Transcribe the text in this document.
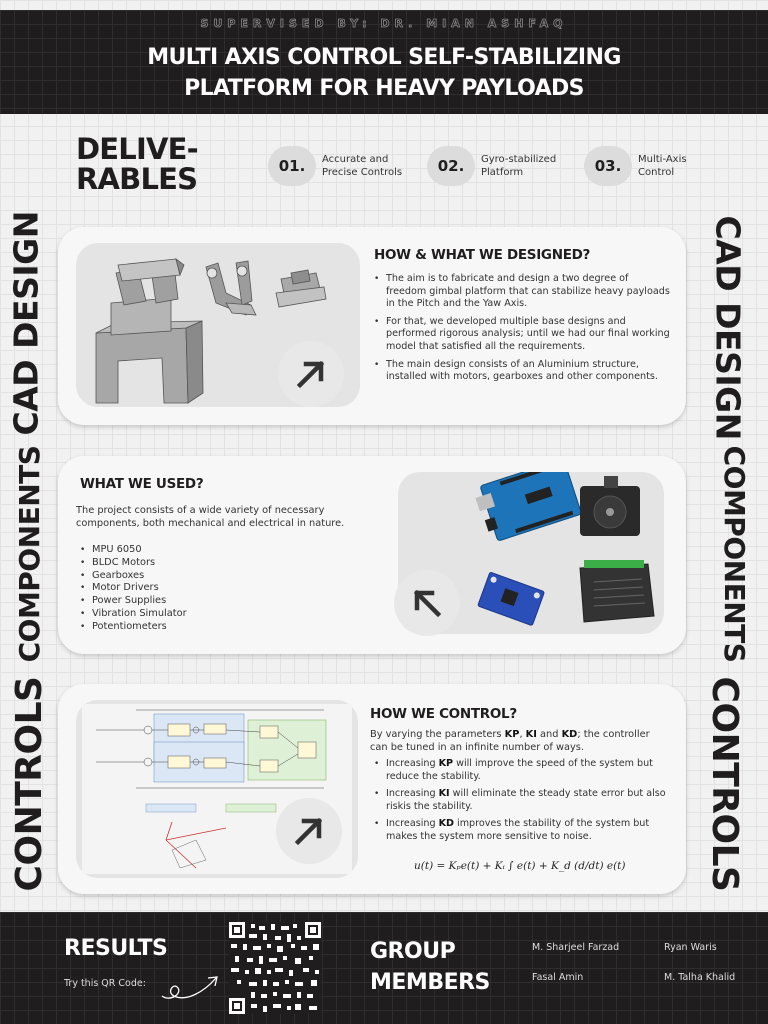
SUPERVISED BY: DR. MIAN ASHFAQ
MULTI AXIS CONTROL SELF-STABILIZING
PLATFORM FOR HEAVY PAYLOADS
DELIVE-
RABLES	01.	Accurate and
Precise Controls	02.	Gyro-stabilized
Platform	03.	Multi-Axis
Control
CAD DESIGN	CAD DESIGN
COMPONENTS	COMPONENTS
CONTROLS	CONTROLS
HOW & WHAT WE DESIGNED?
• The aim is to fabricate and design a two degree of freedom gimbal platform that can stabilize heavy payloads in the Pitch and the Yaw Axis.
• For that, we developed multiple base designs and performed rigorous analysis; until we had our final working model that satisfied all the requirements.
• The main design consists of an Aluminium structure, installed with motors, gearboxes and other components.
WHAT WE USED?
The project consists of a wide variety of necessary components, both mechanical and electrical in nature.
• MPU 6050
• BLDC Motors
• Gearboxes
• Motor Drivers
• Power Supplies
• Vibration Simulator
• Potentiometers
HOW WE CONTROL?
By varying the parameters KP, KI and KD; the controller can be tuned in an infinite number of ways.
• Increasing KP will improve the speed of the system but reduce the stability.
• Increasing KI will eliminate the steady state error but also riskis the stability.
• Increasing KD improves the stability of the system but makes the system more sensitive to noise.
u(t) = Kₚe(t) + Kᵢ ∫ e(t) + K_d (d/dt) e(t)
RESULTS
Try this QR Code:
GROUP
MEMBERS
M. Sharjeel Farzad	Ryan Waris
Fasal Amin	M. Talha Khalid
